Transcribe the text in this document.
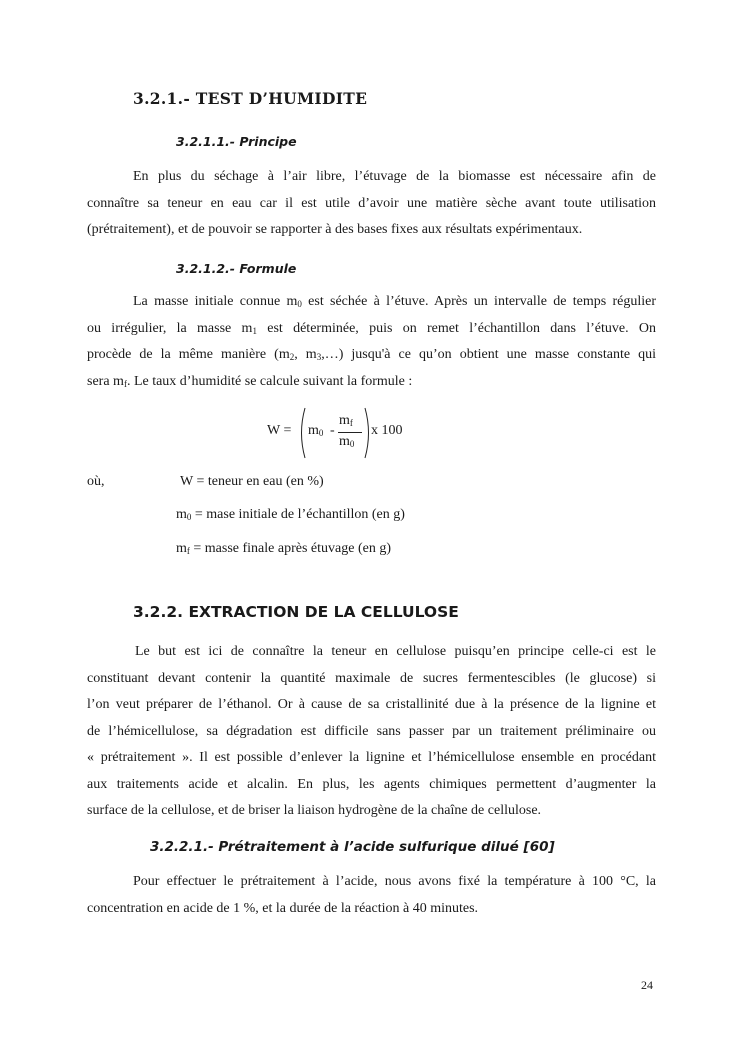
3.2.1.- TEST D’HUMIDITE
3.2.1.1.- Principe
En plus du séchage à l’air libre, l’étuvage de la biomasse est nécessaire afin de
connaître sa teneur en eau car il est utile d’avoir une matière sèche avant toute utilisation
(prétraitement), et de pouvoir se rapporter à des bases fixes aux résultats expérimentaux.
3.2.1.2.- Formule
La masse initiale connue $m_0$ est séchée à l’étuve. Après un intervalle de temps régulier
ou irrégulier, la masse $m_1$ est déterminée, puis on remet l’échantillon dans l’étuve. On
procède de la même manière ($m_2$, $m_3,\dots$) jusqu'à ce qu’on obtient une masse constante qui
sera $m_f$. Le taux d’humidité se calcule suivant la formule :
$W = m_0$ -
$m_f$
$m_0$
x 100
où,	W = teneur en eau (en %)
$m_0$ = mase initiale de l’échantillon (en g)
$m_f$ = masse finale après étuvage (en g)
3.2.2. EXTRACTION DE LA CELLULOSE
Le but est ici de connaître la teneur en cellulose puisqu’en principe celle-ci est le
constituant devant contenir la quantité maximale de sucres fermentescibles (le glucose) si
l’on veut préparer de l’éthanol. Or à cause de sa cristallinité due à la présence de la lignine et
de l’hémicellulose, sa dégradation est difficile sans passer par un traitement préliminaire ou
« prétraitement ». Il est possible d’enlever la lignine et l’hémicellulose ensemble en procédant
aux traitements acide et alcalin. En plus, les agents chimiques permettent d’augmenter la
surface de la cellulose, et de briser la liaison hydrogène de la chaîne de cellulose.
3.2.2.1.- Prétraitement à l’acide sulfurique dilué [60]
Pour effectuer le prétraitement à l’acide, nous avons fixé la température à 100 °C, la
concentration en acide de 1 %, et la durée de la réaction à 40 minutes.
24
